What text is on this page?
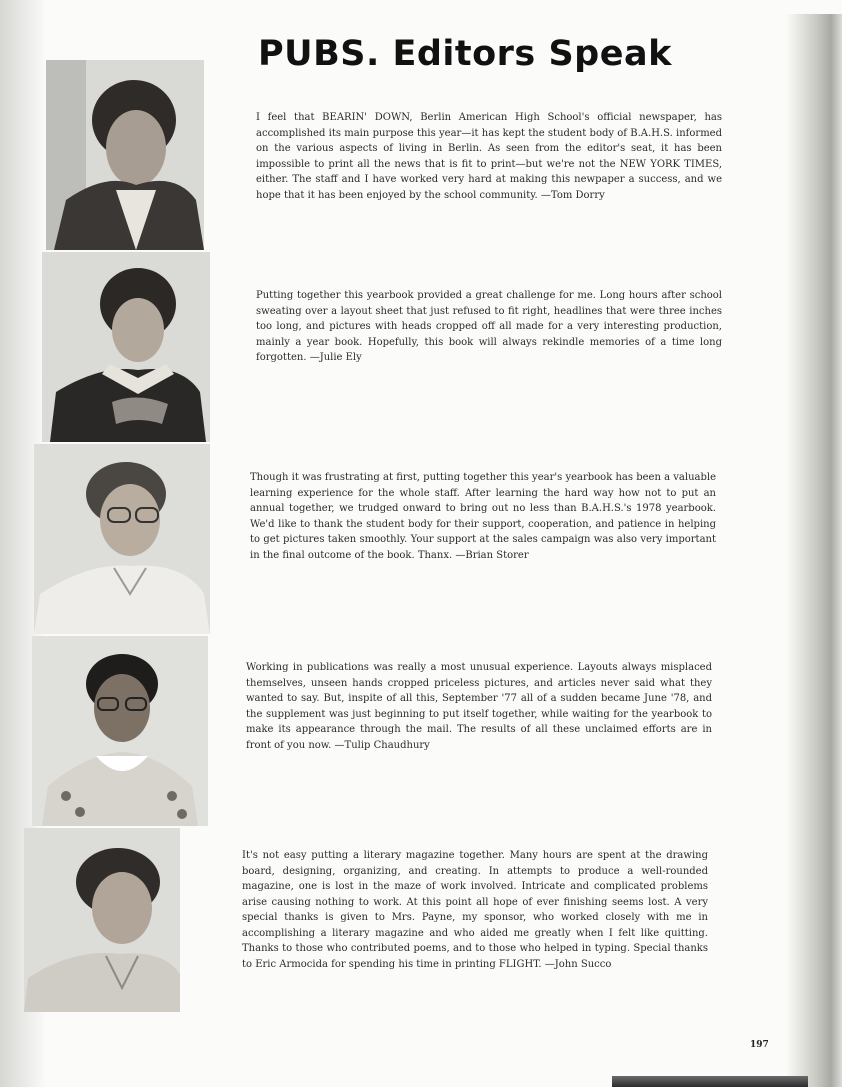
PUBS. Editors Speak

I feel that BEARIN' DOWN, Berlin American High School's official newspaper, has accomplished its main purpose this year—it has kept the student body of B.A.H.S. informed on the various aspects of living in Berlin. As seen from the editor's seat, it has been impossible to print all the news that is fit to print—but we're not the NEW YORK TIMES, either. The staff and I have worked very hard at making this newpaper a success, and we hope that it has been enjoyed by the school community. —Tom Dorry

Putting together this yearbook provided a great challenge for me. Long hours after school sweating over a layout sheet that just refused to fit right, headlines that were three inches too long, and pictures with heads cropped off all made for a very interesting production, mainly a year book. Hopefully, this book will always rekindle memories of a time long forgotten. —Julie Ely

Though it was frustrating at first, putting together this year's yearbook has been a valuable learning experience for the whole staff. After learning the hard way how not to put an annual together, we trudged onward to bring out no less than B.A.H.S.'s 1978 yearbook. We'd like to thank the student body for their support, cooperation, and patience in helping to get pictures taken smoothly. Your support at the sales campaign was also very important in the final outcome of the book. Thanx. —Brian Storer

Working in publications was really a most unusual experience. Layouts always misplaced themselves, unseen hands cropped priceless pictures, and articles never said what they wanted to say. But, inspite of all this, September '77 all of a sudden became June '78, and the supplement was just beginning to put itself together, while waiting for the yearbook to make its appearance through the mail. The results of all these unclaimed efforts are in front of you now. —Tulip Chaudhury

It's not easy putting a literary magazine together. Many hours are spent at the drawing board, designing, organizing, and creating. In attempts to produce a well-rounded magazine, one is lost in the maze of work involved. Intricate and complicated problems arise causing nothing to work. At this point all hope of ever finishing seems lost. A very special thanks is given to Mrs. Payne, my sponsor, who worked closely with me in accomplishing a literary magazine and who aided me greatly when I felt like quitting. Thanks to those who contributed poems, and to those who helped in typing. Special thanks to Eric Armocida for spending his time in printing FLIGHT. —John Succo

197
